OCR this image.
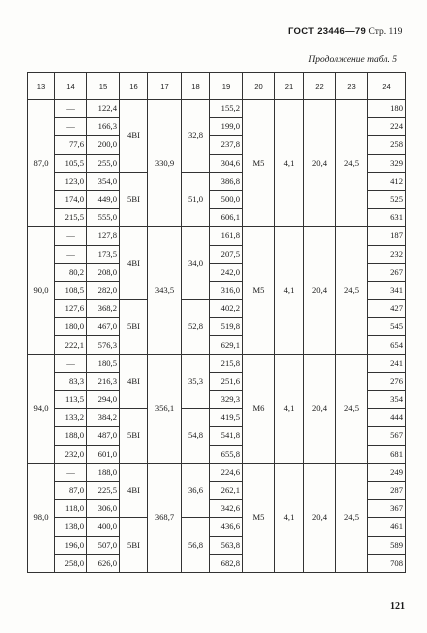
ГОСТ 23446—79 Стр. 119
Продолжение табл. 5
13	14	15	16	17	18	19	20	21	22	23	24
87,0	—	122,4	4BI	330,9	32,8	155,2	M5	4,1	20,4	24,5	180
	—	166,3				199,0					224
	77,6	200,0				237,8					258
	105,5	255,0				304,6					329
	123,0	354,0	5BI		51,0	386,8					412
	174,0	449,0				500,0					525
	215,5	555,0				606,1					631
90,0	—	127,8	4BI	343,5	34,0	161,8	M5	4,1	20,4	24,5	187
	—	173,5				207,5					232
	80,2	208,0				242,0					267
	108,5	282,0				316,0					341
	127,6	368,2	5BI		52,8	402,2					427
	180,0	467,0				519,8					545
	222,1	576,3				629,1					654
94,0	—	180,5	4BI	356,1	35,3	215,8	M6	4,1	20,4	24,5	241
	83,3	216,3				251,6					276
	113,5	294,0				329,3					354
	133,2	384,2	5BI		54,8	419,5					444
	188,0	487,0				541,8					567
	232,0	601,0				655,8					681
98,0	—	188,0	4BI	368,7	36,6	224,6	M5	4,1	20,4	24,5	249
	87,0	225,5				262,1					287
	118,0	306,0				342,6					367
	138,0	400,0	5BI		56,8	436,6					461
	196,0	507,0				563,8					589
	258,0	626,0				682,8					708
121
